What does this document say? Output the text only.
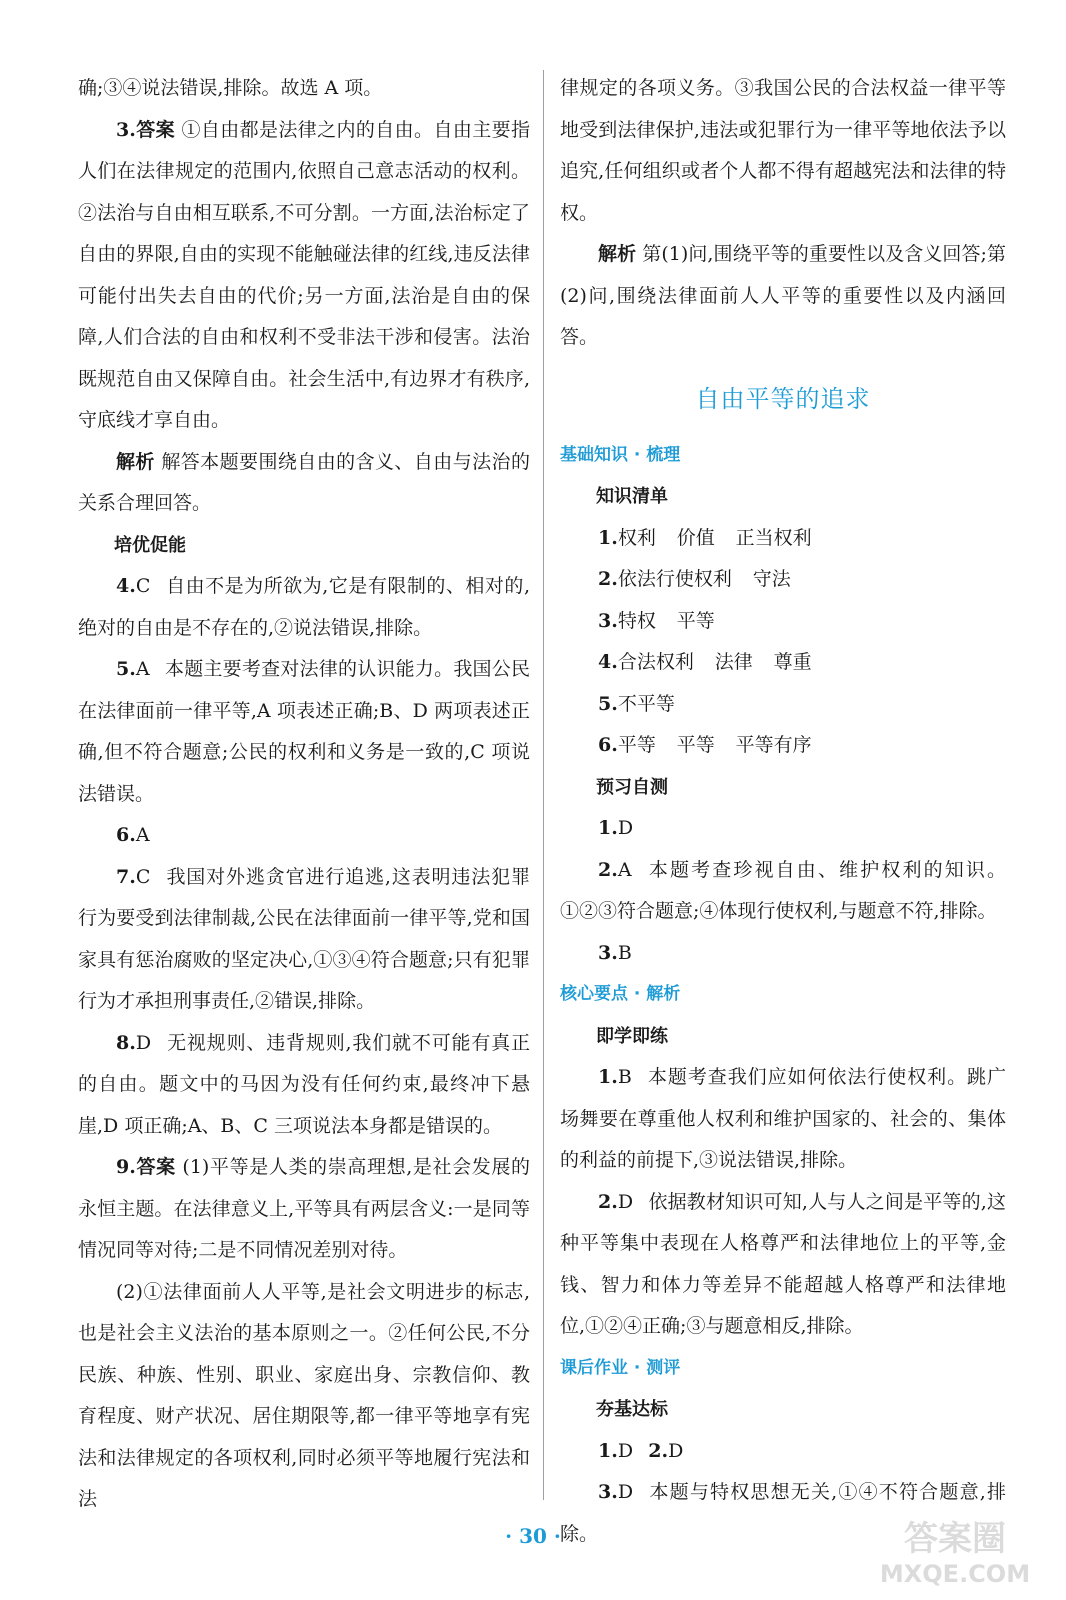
确;③④说法错误,排除。故选 A 项。

3.答案 ①自由都是法律之内的自由。自由主要指人们在法律规定的范围内,依照自己意志活动的权利。②法治与自由相互联系,不可分割。一方面,法治标定了自由的界限,自由的实现不能触碰法律的红线,违反法律可能付出失去自由的代价;另一方面,法治是自由的保障,人们合法的自由和权利不受非法干涉和侵害。法治既规范自由又保障自由。社会生活中,有边界才有秩序,守底线才享自由。

解析 解答本题要围绕自由的含义、自由与法治的关系合理回答。

培优促能

4.C 自由不是为所欲为,它是有限制的、相对的,绝对的自由是不存在的,②说法错误,排除。

5.A 本题主要考查对法律的认识能力。我国公民在法律面前一律平等,A 项表述正确;B、D 两项表述正确,但不符合题意;公民的权利和义务是一致的,C 项说法错误。

6.A

7.C 我国对外逃贪官进行追逃,这表明违法犯罪行为要受到法律制裁,公民在法律面前一律平等,党和国家具有惩治腐败的坚定决心,①③④符合题意;只有犯罪行为才承担刑事责任,②错误,排除。

8.D 无视规则、违背规则,我们就不可能有真正的自由。题文中的马因为没有任何约束,最终冲下悬崖,D 项正确;A、B、C 三项说法本身都是错误的。

9.答案 (1)平等是人类的崇高理想,是社会发展的永恒主题。在法律意义上,平等具有两层含义:一是同等情况同等对待;二是不同情况差别对待。

(2)①法律面前人人平等,是社会文明进步的标志,也是社会主义法治的基本原则之一。②任何公民,不分民族、种族、性别、职业、家庭出身、宗教信仰、教育程度、财产状况、居住期限等,都一律平等地享有宪法和法律规定的各项权利,同时必须平等地履行宪法和法

律规定的各项义务。③我国公民的合法权益一律平等地受到法律保护,违法或犯罪行为一律平等地依法予以追究,任何组织或者个人都不得有超越宪法和法律的特权。

解析 第(1)问,围绕平等的重要性以及含义回答;第(2)问,围绕法律面前人人平等的重要性以及内涵回答。

自由平等的追求

基础知识 · 梳理

知识清单

1.权利 价值 正当权利

2.依法行使权利 守法

3.特权 平等

4.合法权利 法律 尊重

5.不平等

6.平等 平等 平等有序

预习自测

1.D

2.A 本题考查珍视自由、维护权利的知识。①②③符合题意;④体现行使权利,与题意不符,排除。

3.B

核心要点 · 解析

即学即练

1.B 本题考查我们应如何依法行使权利。跳广场舞要在尊重他人权利和维护国家的、社会的、集体的利益的前提下,③说法错误,排除。

2.D 依据教材知识可知,人与人之间是平等的,这种平等集中表现在人格尊严和法律地位上的平等,金钱、智力和体力等差异不能超越人格尊严和法律地位,①②④正确;③与题意相反,排除。

课后作业 · 测评

夯基达标

1.D 2.D

3.D 本题与特权思想无关,①④不符合题意,排除。

· 30 ·	答案圈
MXQE.COM
